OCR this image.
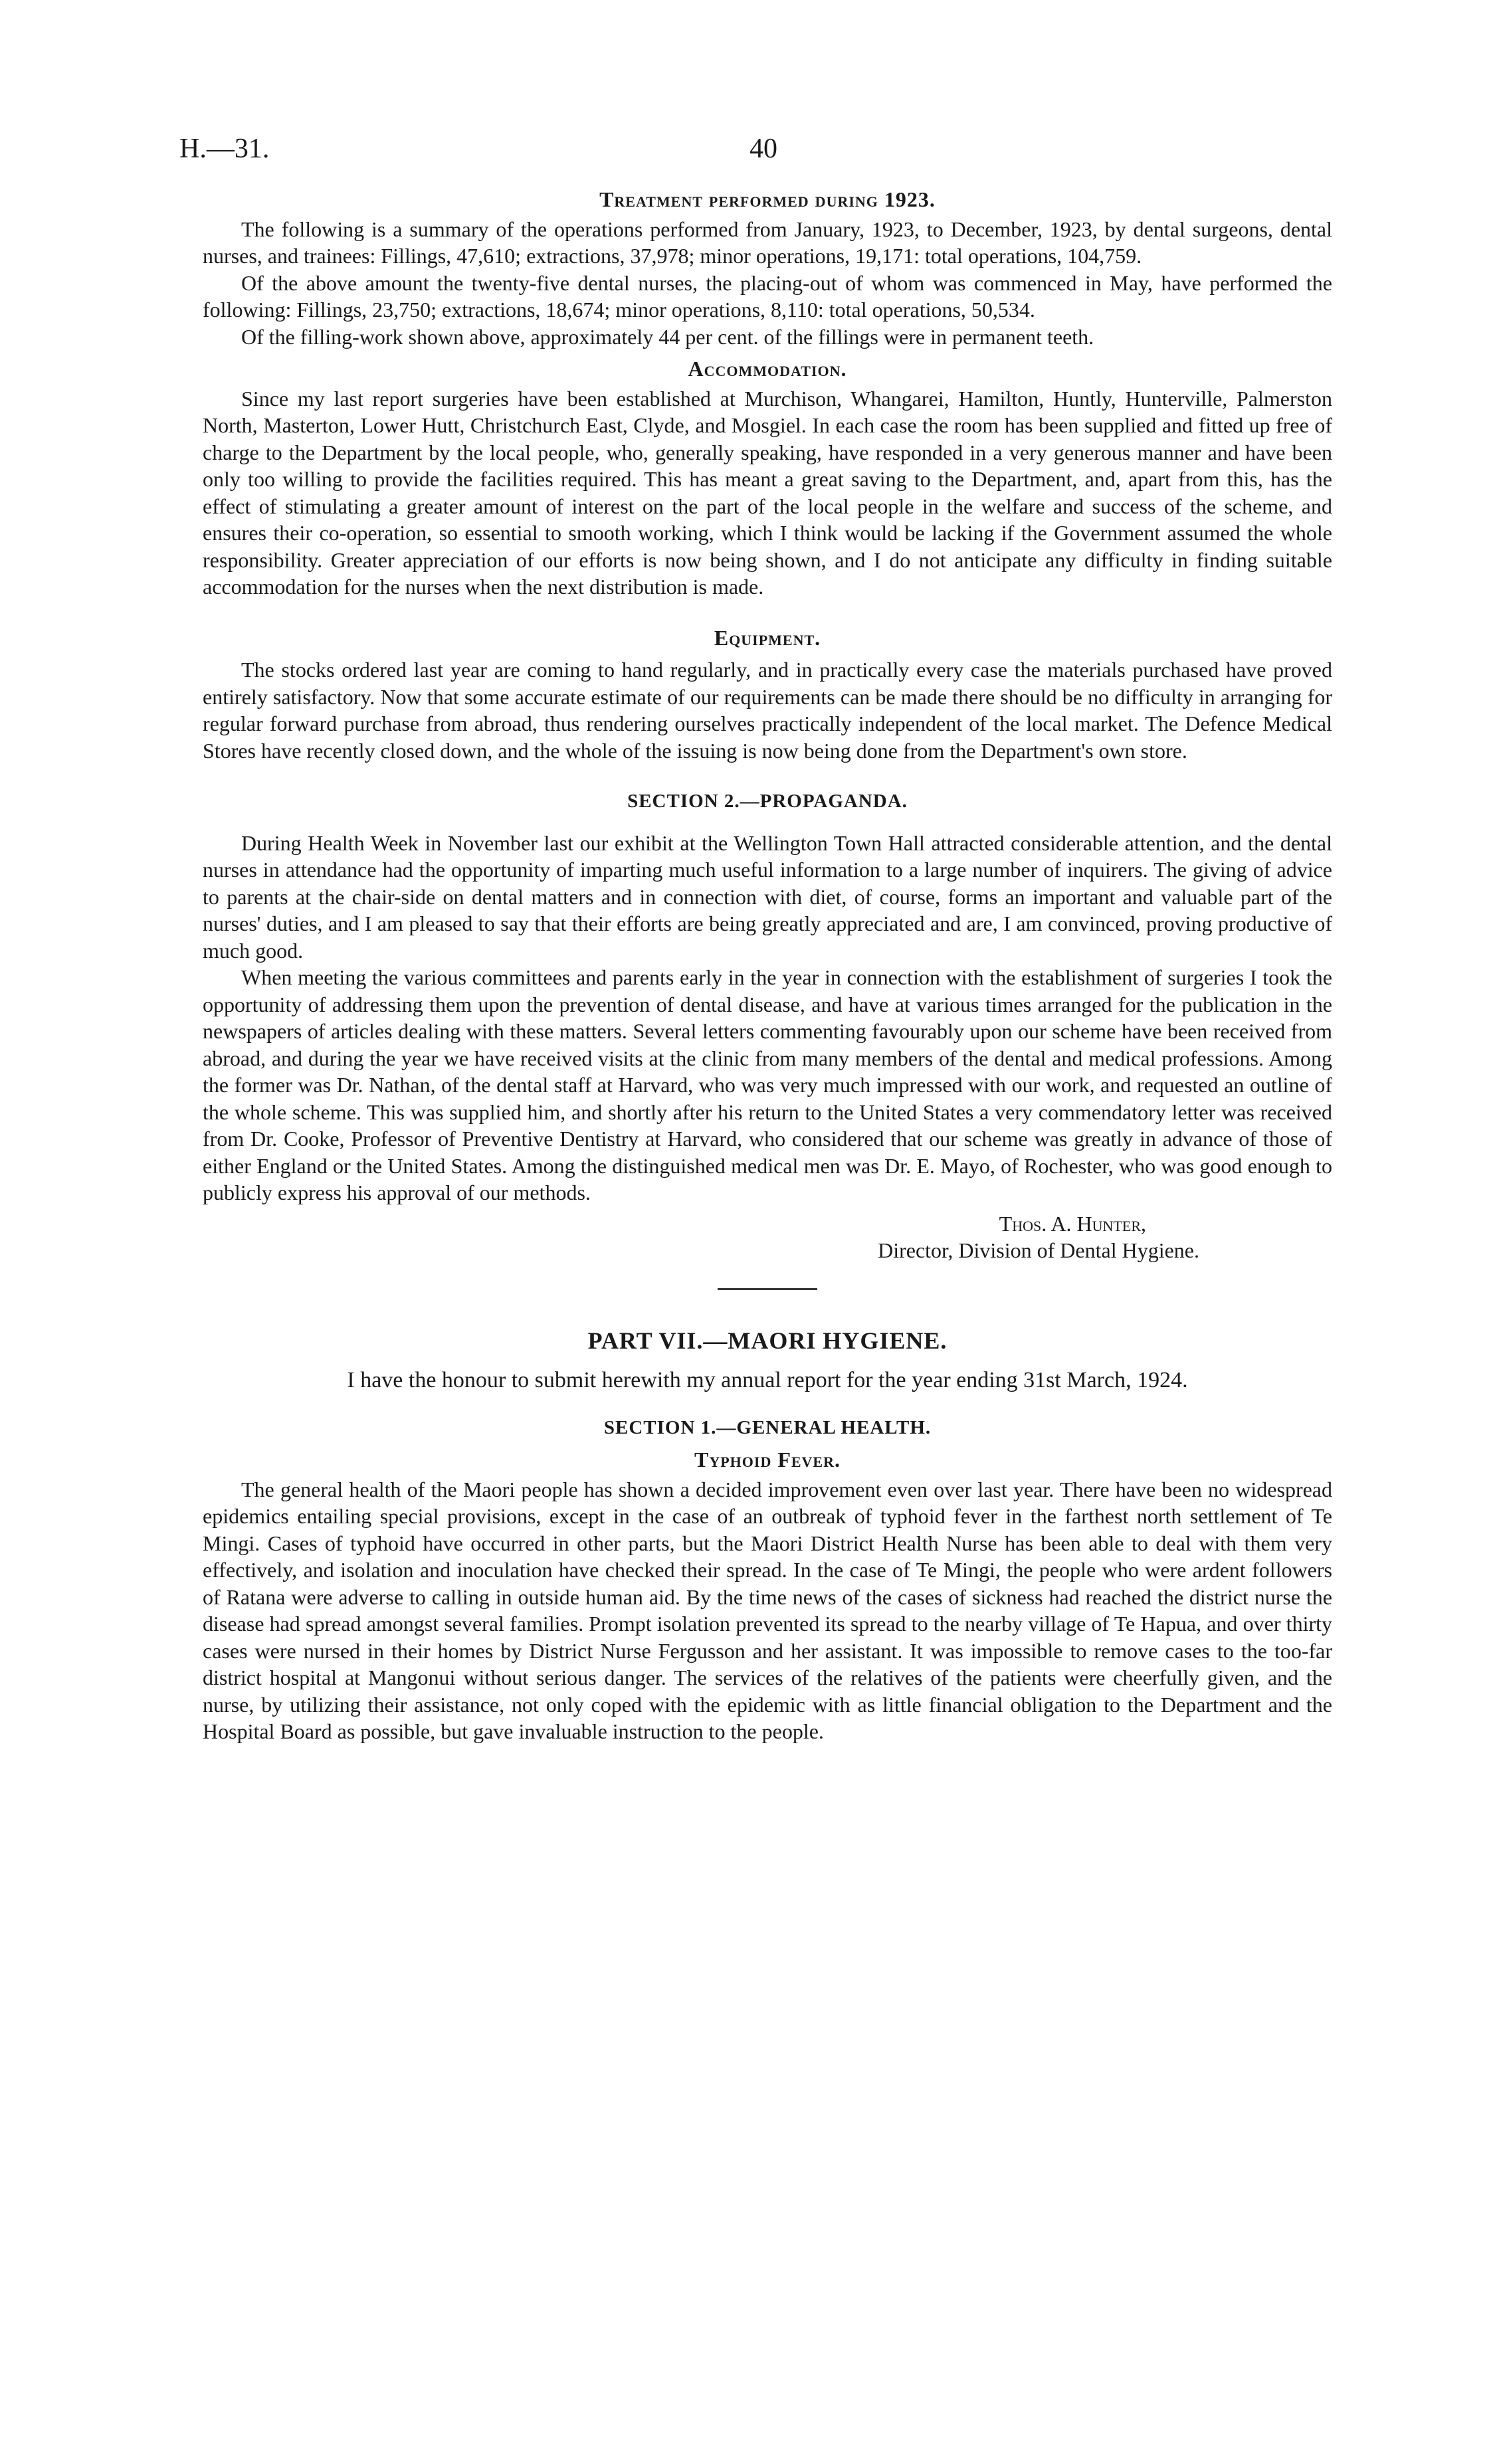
H.—31.	40
Treatment performed during 1923.

The following is a summary of the operations performed from January, 1923, to December, 1923, by dental surgeons, dental nurses, and trainees: Fillings, 47,610; extractions, 37,978; minor operations, 19,171: total operations, 104,759.

Of the above amount the twenty-five dental nurses, the placing-out of whom was commenced in May, have performed the following: Fillings, 23,750; extractions, 18,674; minor operations, 8,110: total operations, 50,534.

Of the filling-work shown above, approximately 44 per cent. of the fillings were in permanent teeth.

Accommodation.

Since my last report surgeries have been established at Murchison, Whangarei, Hamilton, Huntly, Hunterville, Palmerston North, Masterton, Lower Hutt, Christchurch East, Clyde, and Mosgiel. In each case the room has been supplied and fitted up free of charge to the Department by the local people, who, generally speaking, have responded in a very generous manner and have been only too willing to provide the facilities required. This has meant a great saving to the Department, and, apart from this, has the effect of stimulating a greater amount of interest on the part of the local people in the welfare and success of the scheme, and ensures their co-operation, so essential to smooth working, which I think would be lacking if the Government assumed the whole responsibility. Greater appreciation of our efforts is now being shown, and I do not anticipate any difficulty in finding suitable accommodation for the nurses when the next distribution is made.

Equipment.

The stocks ordered last year are coming to hand regularly, and in practically every case the materials purchased have proved entirely satisfactory. Now that some accurate estimate of our requirements can be made there should be no difficulty in arranging for regular forward purchase from abroad, thus rendering ourselves practically independent of the local market. The Defence Medical Stores have recently closed down, and the whole of the issuing is now being done from the Department's own store.

SECTION 2.—PROPAGANDA.

During Health Week in November last our exhibit at the Wellington Town Hall attracted considerable attention, and the dental nurses in attendance had the opportunity of imparting much useful information to a large number of inquirers. The giving of advice to parents at the chair-side on dental matters and in connection with diet, of course, forms an important and valuable part of the nurses' duties, and I am pleased to say that their efforts are being greatly appreciated and are, I am convinced, proving productive of much good.

When meeting the various committees and parents early in the year in connection with the establishment of surgeries I took the opportunity of addressing them upon the prevention of dental disease, and have at various times arranged for the publication in the newspapers of articles dealing with these matters. Several letters commenting favourably upon our scheme have been received from abroad, and during the year we have received visits at the clinic from many members of the dental and medical professions. Among the former was Dr. Nathan, of the dental staff at Harvard, who was very much impressed with our work, and requested an outline of the whole scheme. This was supplied him, and shortly after his return to the United States a very commendatory letter was received from Dr. Cooke, Professor of Preventive Dentistry at Harvard, who considered that our scheme was greatly in advance of those of either England or the United States. Among the distinguished medical men was Dr. E. Mayo, of Rochester, who was good enough to publicly express his approval of our methods.

Thos. A. Hunter,
Director, Division of Dental Hygiene.
PART VII.—MAORI HYGIENE.

I have the honour to submit herewith my annual report for the year ending 31st March, 1924.

SECTION 1.—GENERAL HEALTH.
Typhoid Fever.

The general health of the Maori people has shown a decided improvement even over last year. There have been no widespread epidemics entailing special provisions, except in the case of an outbreak of typhoid fever in the farthest north settlement of Te Mingi. Cases of typhoid have occurred in other parts, but the Maori District Health Nurse has been able to deal with them very effectively, and isolation and inoculation have checked their spread. In the case of Te Mingi, the people who were ardent followers of Ratana were adverse to calling in outside human aid. By the time news of the cases of sickness had reached the district nurse the disease had spread amongst several families. Prompt isolation prevented its spread to the nearby village of Te Hapua, and over thirty cases were nursed in their homes by District Nurse Fergusson and her assistant. It was impossible to remove cases to the too-far district hospital at Mangonui without serious danger. The services of the relatives of the patients were cheerfully given, and the nurse, by utilizing their assistance, not only coped with the epidemic with as little financial obligation to the Department and the Hospital Board as possible, but gave invaluable instruction to the people.
